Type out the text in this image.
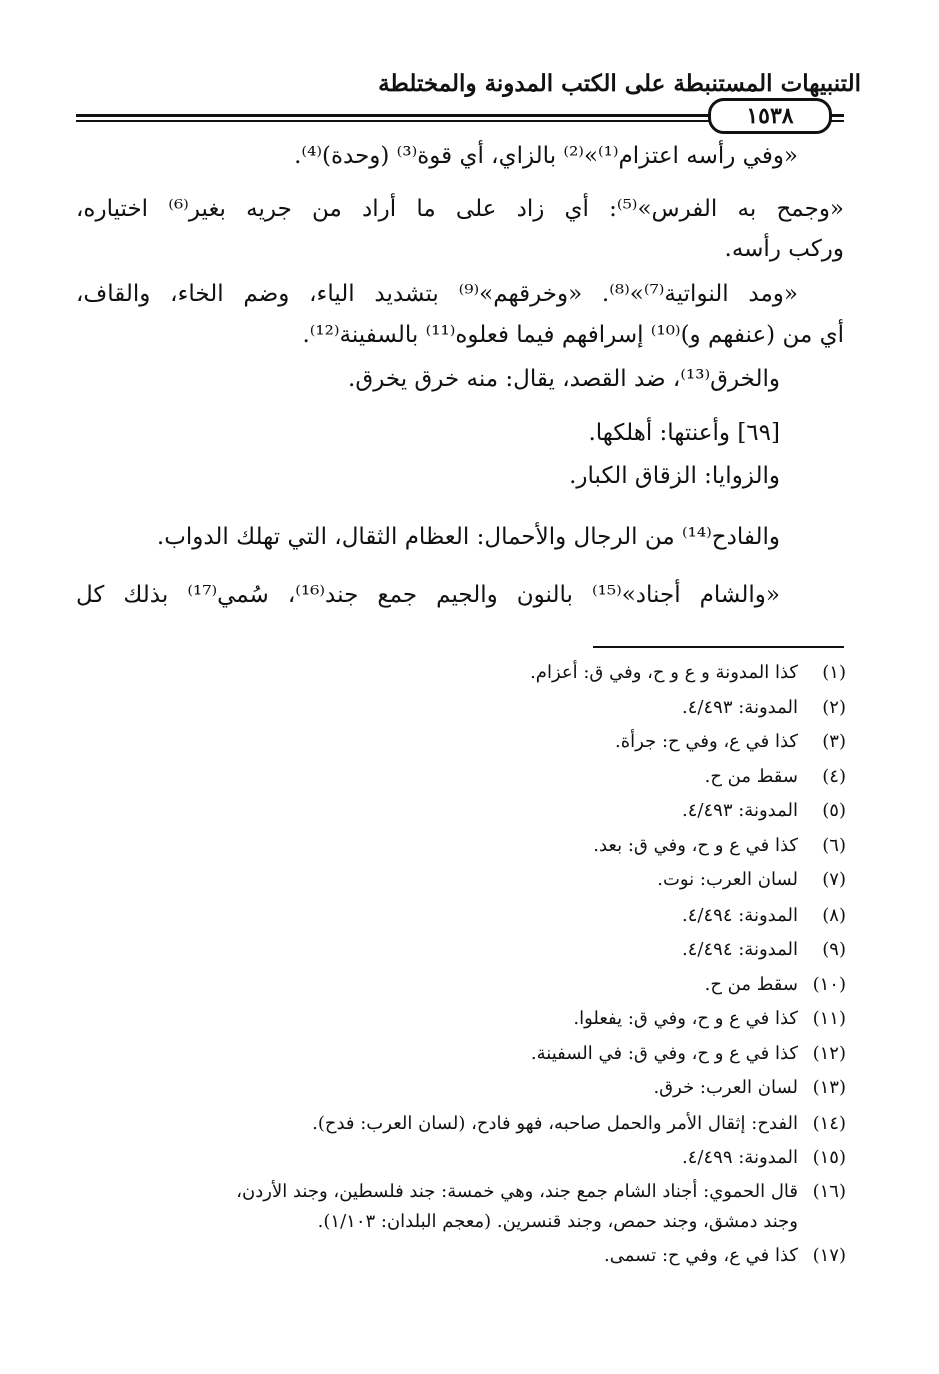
التنبيهات المستنبطة على الكتب المدونة والمختلطة
١٥٣٨
«وفي رأسه اعتزام⁽¹⁾»⁽²⁾ بالزاي، أي قوة⁽³⁾ (وحدة)⁽⁴⁾.
«وجمح به الفرس»⁽⁵⁾: أي زاد على ما أراد من جريه بغير⁽⁶⁾ اختياره،
وركب رأسه.
«ومد النواتية⁽⁷⁾»⁽⁸⁾. «وخرقهم»⁽⁹⁾ بتشديد الياء، وضم الخاء، والقاف،
أي من (عنفهم و)⁽¹⁰⁾ إسرافهم فيما فعلوه⁽¹¹⁾ بالسفينة⁽¹²⁾.
والخرق⁽¹³⁾، ضد القصد، يقال: منه خرق يخرق.
[٦٩] وأعنتها: أهلكها.
والزوايا: الزقاق الكبار.
والفادح⁽¹⁴⁾ من الرجال والأحمال: العظام الثقال، التي تهلك الدواب.
«والشام أجناد»⁽¹⁵⁾ بالنون والجيم جمع جند⁽¹⁶⁾، سُمي⁽¹⁷⁾ بذلك كل
(١)
كذا المدونة و ع و ح، وفي ق: أعزام.
(٢)
المدونة: ٤/٤٩٣.
(٣)
كذا في ع، وفي ح: جرأة.
(٤)
سقط من ح.
(٥)
المدونة: ٤/٤٩٣.
(٦)
كذا في ع و ح، وفي ق: بعد.
(٧)
لسان العرب: نوت.
(٨)
المدونة: ٤/٤٩٤.
(٩)
المدونة: ٤/٤٩٤.
(١٠)
سقط من ح.
(١١)
كذا في ع و ح، وفي ق: يفعلوا.
(١٢)
كذا في ع و ح، وفي ق: في السفينة.
(١٣)
لسان العرب: خرق.
(١٤)
الفدح: إثقال الأمر والحمل صاحبه، فهو فادح، (لسان العرب: فدح).
(١٥)
المدونة: ٤/٤٩٩.
(١٦)
قال الحموي: أجناد الشام جمع جند، وهي خمسة: جند فلسطين، وجند الأردن،
وجند دمشق، وجند حمص، وجند قنسرين. (معجم البلدان: ١/١٠٣).
(١٧)
كذا في ع، وفي ح: تسمى.
